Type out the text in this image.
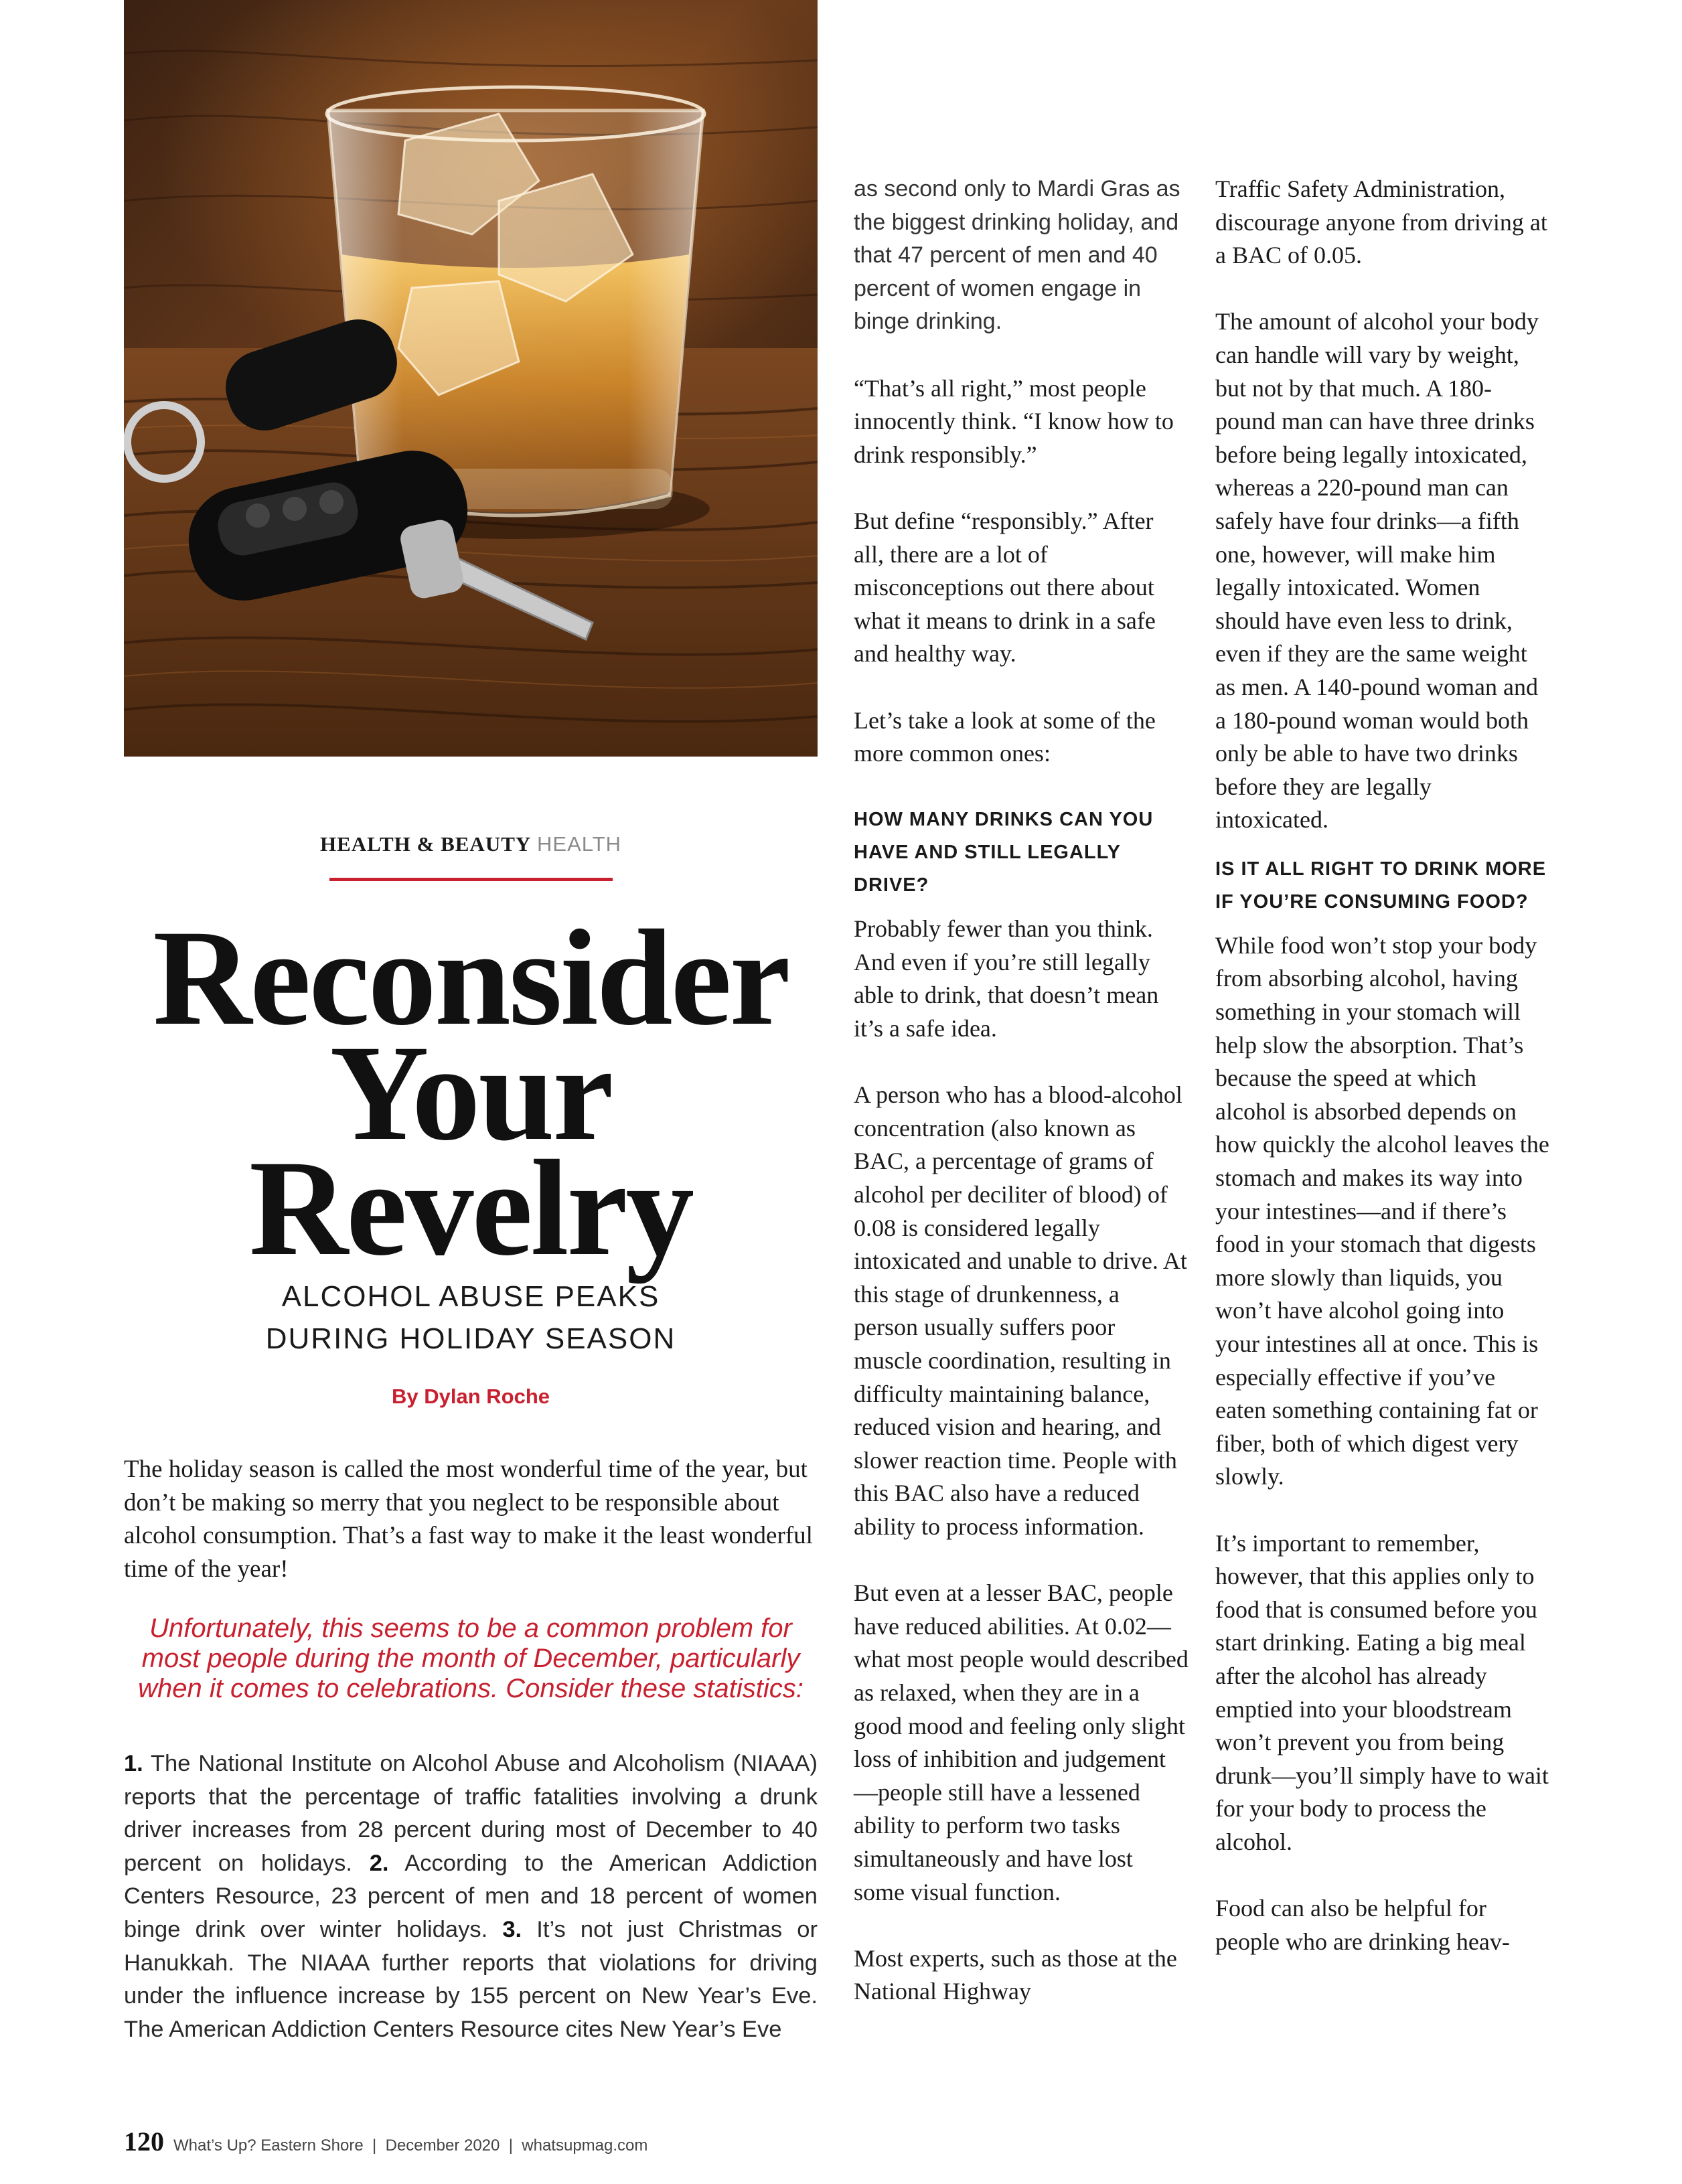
HEALTH & BEAUTY HEALTH
Reconsider
Your
Revelry
ALCOHOL ABUSE PEAKS
DURING HOLIDAY SEASON
By Dylan Roche
The holiday season is called the most wonderful time of the year, but don’t be making so merry that you neglect to be responsible about alcohol consumption. That’s a fast way to make it the least wonderful time of the year!
Unfortunately, this seems to be a common problem for most people during the month of December, particularly when it comes to celebrations. Consider these statistics:
1. The National Institute on Alcohol Abuse and Alcoholism (NIAAA) reports that the percentage of traffic fatalities involving a drunk driver increases from 28 percent during most of December to 40 percent on holidays. 2. According to the American Addiction Centers Resource, 23 percent of men and 18 percent of women binge drink over winter holidays. 3. It’s not just Christmas or Hanukkah. The NIAAA further reports that violations for driving under the influence increase by 155 percent on New Year’s Eve. The American Addiction Centers Resource cites New Year’s Eve

as second only to Mardi Gras as the biggest drinking holiday, and that 47 percent of men and 40 percent of women engage in binge drinking.

“That’s all right,” most people innocently think. “I know how to drink responsibly.”

But define “responsibly.” After all, there are a lot of misconceptions out there about what it means to drink in a safe and healthy way.

Let’s take a look at some of the more common ones:

HOW MANY DRINKS CAN YOU HAVE AND STILL LEGALLY DRIVE?

Probably fewer than you think. And even if you’re still legally able to drink, that doesn’t mean it’s a safe idea.

A person who has a blood-alcohol concentration (also known as BAC, a percentage of grams of alcohol per deciliter of blood) of 0.08 is considered legally intoxicated and unable to drive. At this stage of drunkenness, a person usually suffers poor muscle coordination, resulting in difficulty maintaining balance, reduced vision and hearing, and slower reaction time. People with this BAC also have a reduced ability to process information.

But even at a lesser BAC, people have reduced abilities. At 0.02—what most people would described as relaxed, when they are in a good mood and feeling only slight loss of inhibition and judgement—people still have a lessened ability to perform two tasks simultaneously and have lost some visual function.

Most experts, such as those at the National Highway

Traffic Safety Administration, discourage anyone from driving at a BAC of 0.05.

The amount of alcohol your body can handle will vary by weight, but not by that much. A 180-pound man can have three drinks before being legally intoxicated, whereas a 220-pound man can safely have four drinks—a fifth one, however, will make him legally intoxicated. Women should have even less to drink, even if they are the same weight as men. A 140-pound woman and a 180-pound woman would both only be able to have two drinks before they are legally intoxicated.

IS IT ALL RIGHT TO DRINK MORE IF YOU’RE CONSUMING FOOD?

While food won’t stop your body from absorbing alcohol, having something in your stomach will help slow the absorption. That’s because the speed at which alcohol is absorbed depends on how quickly the alcohol leaves the stomach and makes its way into your intestines—and if there’s food in your stomach that digests more slowly than liquids, you won’t have alcohol going into your intestines all at once. This is especially effective if you’ve eaten something containing fat or fiber, both of which digest very slowly.

It’s important to remember, however, that this applies only to food that is consumed before you start drinking. Eating a big meal after the alcohol has already emptied into your bloodstream won’t prevent you from being drunk—you’ll simply have to wait for your body to process the alcohol.

Food can also be helpful for people who are drinking heav-

120 What’s Up? Eastern Shore  |  December 2020  |  whatsupmag.com
